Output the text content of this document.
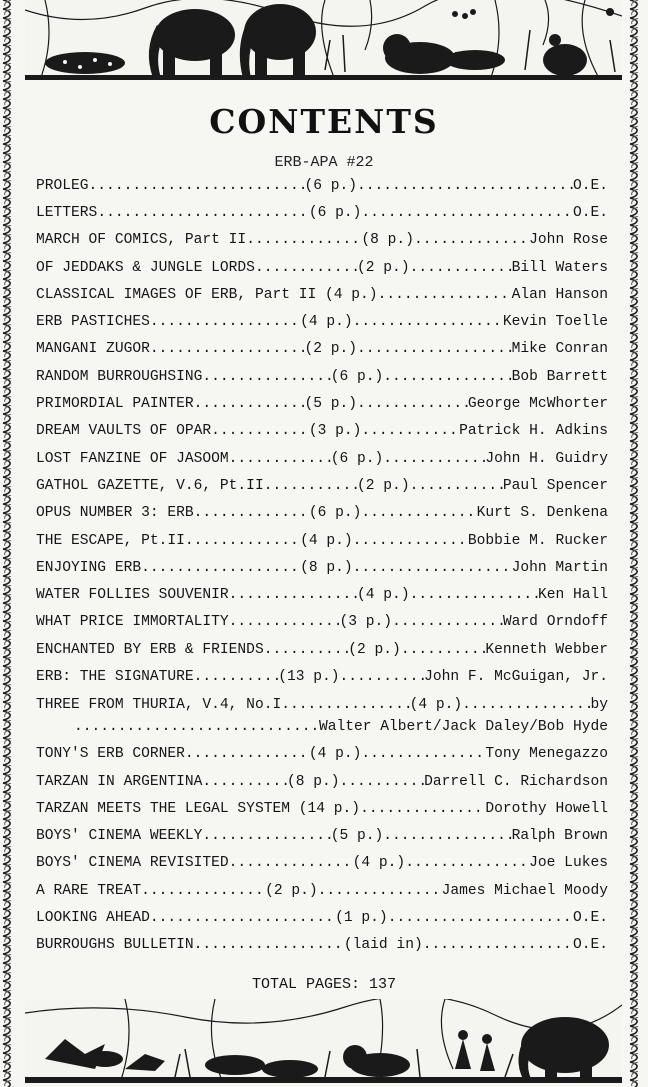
CONTENTS
ERB-APA #22
PROLEG .....	(6 p.) .....	O.E.
LETTERS .....	(6 p.) .....	O.E.
MARCH OF COMICS, Part II .....	(8 p.) .....	John Rose
OF JEDDAKS & JUNGLE LORDS .....	(2 p.) .....	Bill Waters
CLASSICAL IMAGES OF ERB, Part II
(4 p.) .....	Alan Hanson
ERB PASTICHES .....	(4 p.) .....	Kevin Toelle
MANGANI ZUGOR .....	(2 p.) .....	Mike Conran
RANDOM BURROUGHSING .....	(6 p.) .....	Bob Barrett
PRIMORDIAL PAINTER .....	(5 p.) .....	George McWhorter
DREAM VAULTS OF OPAR .....	(3 p.) .....	Patrick H. Adkins
LOST FANZINE OF JASOOM .....	(6 p.) .....	John H. Guidry
GATHOL GAZETTE, V.6, Pt.II .....	(2 p.) .....	Paul Spencer
OPUS NUMBER 3: ERB .....	(6 p.) .....	Kurt S. Denkena
THE ESCAPE, Pt.II .....	(4 p.) .....	Bobbie M. Rucker
ENJOYING ERB .....	(8 p.) .....	John Martin
WATER FOLLIES SOUVENIR .....	(4 p.) .....	Ken Hall
WHAT PRICE IMMORTALITY .....	(3 p.) .....	Ward Orndoff
ENCHANTED BY ERB & FRIENDS .....	(2 p.) .....	Kenneth Webber
ERB: THE SIGNATURE .....	(13 p.) .....	John F. McGuigan, Jr.
THREE FROM THURIA, V.4, No.I .....	(4 p.) .....	by
.....
Walter Albert/Jack Daley/Bob Hyde
TONY'S ERB CORNER .....	(4 p.) .....	Tony Menegazzo
TARZAN IN ARGENTINA .....	(8 p.) .....	Darrell C. Richardson
TARZAN MEETS THE LEGAL SYSTEM
(14 p.) .....	Dorothy Howell
BOYS' CINEMA WEEKLY .....	(5 p.) .....	Ralph Brown
BOYS' CINEMA REVISITED .....	(4 p.) .....	Joe Lukes
A RARE TREAT .....	(2 p.) .....	James Michael Moody
LOOKING AHEAD .....	(1 p.) .....	O.E.
BURROUGHS BULLETIN .....	(laid in) .....	O.E.
TOTAL PAGES: 137
